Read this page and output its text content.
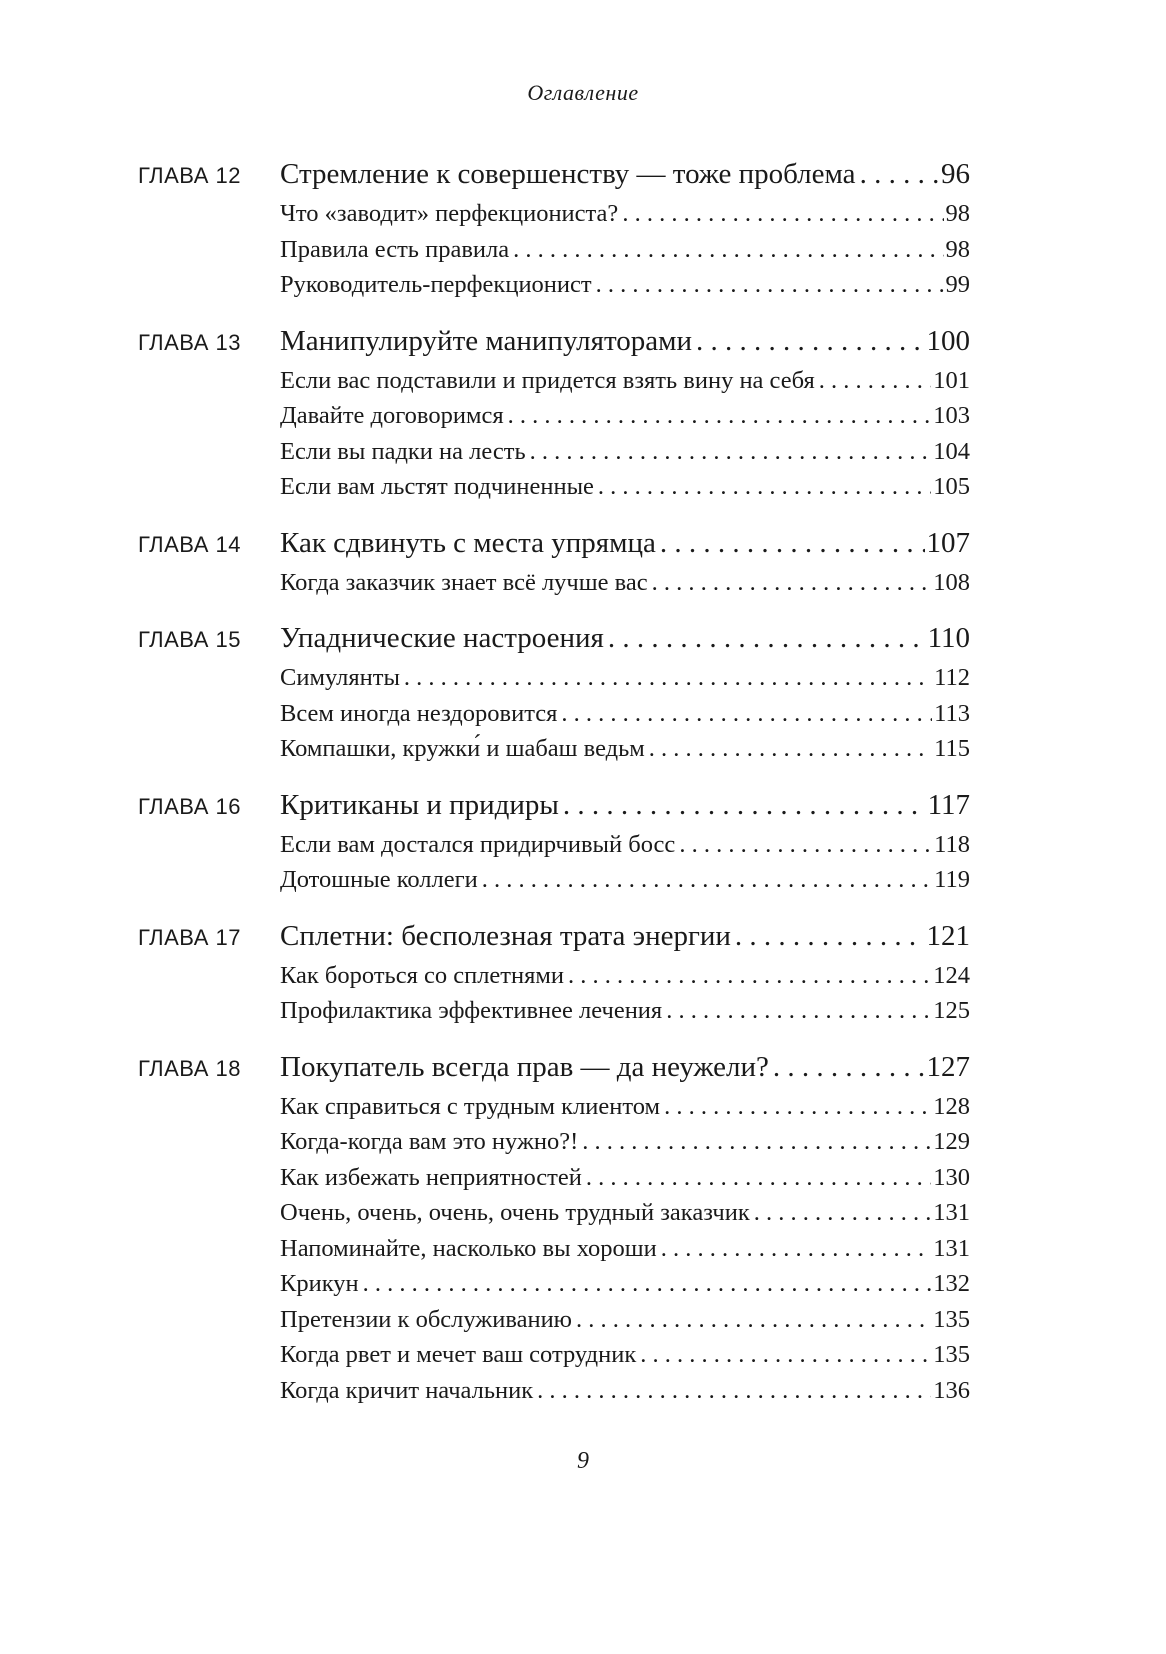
Оглавление
ГЛАВА 12	Стремление к совершенству — тоже проблема . . .	96
Что «заводит» перфекциониста? . . .	98
Правила есть правила . . .	98
Руководитель-перфекционист . . .	99
ГЛАВА 13	Манипулируйте манипуляторами . . .	100
Если вас подставили и придется взять вину на себя . . .	101
Давайте договоримся . . .	103
Если вы падки на лесть . . .	104
Если вам льстят подчиненные . . .	105
ГЛАВА 14	Как сдвинуть с места упрямца . . .	107
Когда заказчик знает всё лучше вас . . .	108
ГЛАВА 15	Упаднические настроения . . .	110
Симулянты . . .	112
Всем иногда нездоровится . . .	113
Компашки, кружки́ и шабаш ведьм . . .	115
ГЛАВА 16	Критиканы и придиры . . .	117
Если вам достался придирчивый босс . . .	118
Дотошные коллеги . . .	119
ГЛАВА 17	Сплетни: бесполезная трата энергии . . .	121
Как бороться со сплетнями . . .	124
Профилактика эффективнее лечения . . .	125
ГЛАВА 18	Покупатель всегда прав — да неужели? . . .	127
Как справиться с трудным клиентом . . .	128
Когда-когда вам это нужно?! . . .	129
Как избежать неприятностей . . .	130
Очень, очень, очень, очень трудный заказчик . . .	131
Напоминайте, насколько вы хороши . . .	131
Крикун . . .	132
Претензии к обслуживанию . . .	135
Когда рвет и мечет ваш сотрудник . . .	135
Когда кричит начальник . . .	136
9
